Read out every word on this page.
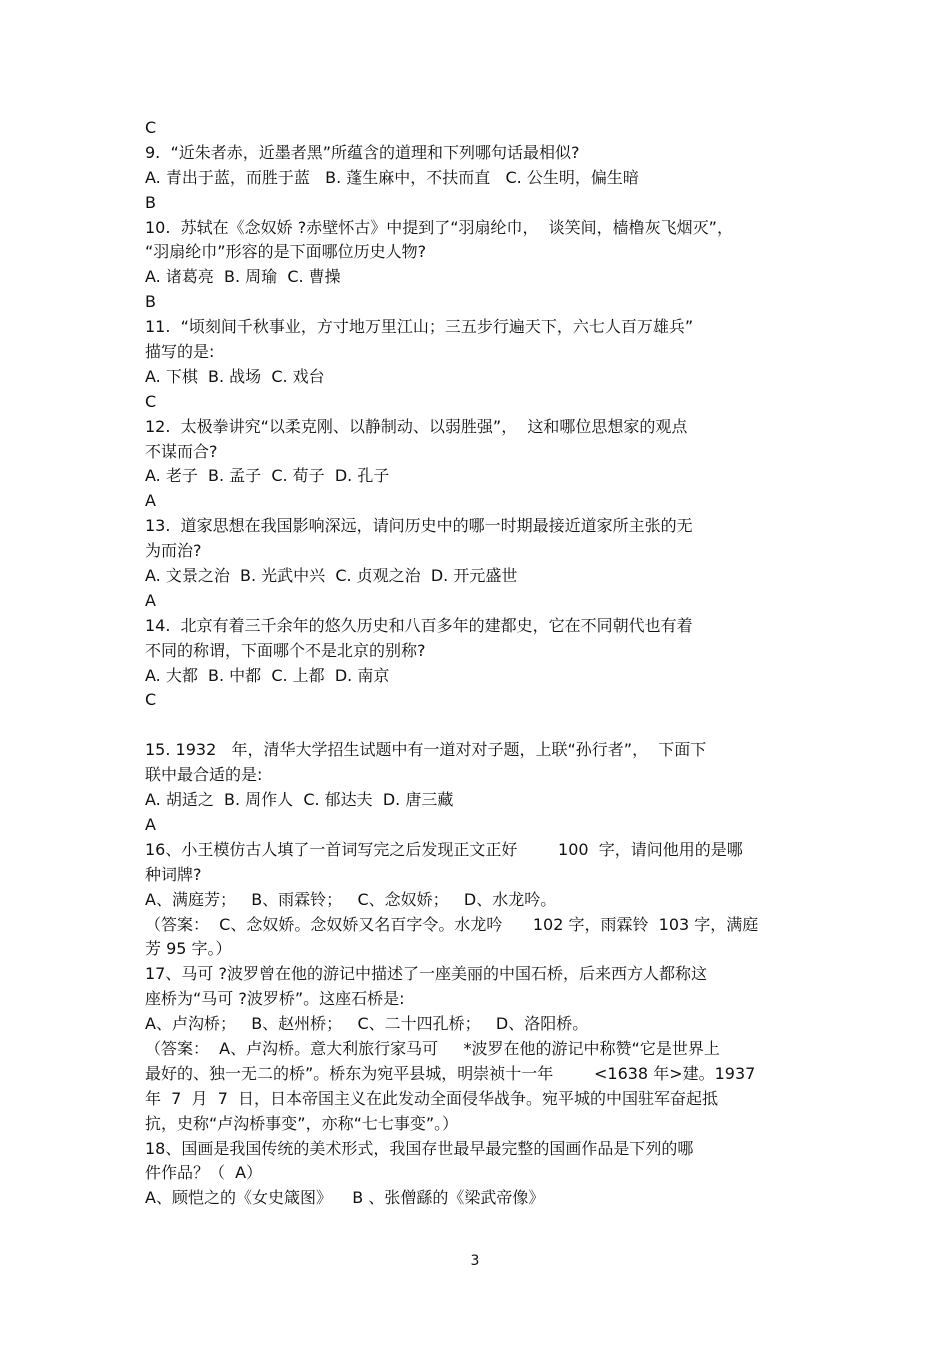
C
9.  “近朱者赤，近墨者黑”所蕴含的道理和下列哪句话最相似?
A. 青出于蓝，而胜于蓝   B. 蓬生麻中，不扶而直   C. 公生明，偏生暗
B
10.  苏轼在《念奴娇 ?赤壁怀古》中提到了“羽扇纶巾，  谈笑间，樯橹灰飞烟灭”，
“羽扇纶巾”形容的是下面哪位历史人物?
A. 诸葛亮  B. 周瑜  C. 曹操
B
11.  “顷刻间千秋事业，方寸地万里江山；三五步行遍天下，六七人百万雄兵”
描写的是:
A. 下棋  B. 战场  C. 戏台
C
12.  太极拳讲究“以柔克刚、以静制动、以弱胜强”，  这和哪位思想家的观点
不谋而合?
A. 老子  B. 孟子  C. 荀子  D. 孔子
A
13.  道家思想在我国影响深远，请问历史中的哪一时期最接近道家所主张的无
为而治?
A. 文景之治  B. 光武中兴  C. 贞观之治  D. 开元盛世
A
14.  北京有着三千余年的悠久历史和八百多年的建都史，它在不同朝代也有着
不同的称谓，下面哪个不是北京的别称?
A. 大都  B. 中都  C. 上都  D. 南京
C
15. 1932   年，清华大学招生试题中有一道对对子题，上联“孙行者”，  下面下
联中最合适的是:
A. 胡适之  B. 周作人  C. 郁达夫  D. 唐三藏
A
16、小王模仿古人填了一首词写完之后发现正文正好        100  字，请问他用的是哪
种词牌?
A、满庭芳；   B、雨霖铃；   C、念奴娇；   D、水龙吟。
（答案：  C、念奴娇。念奴娇又名百字令。水龙吟      102 字，雨霖铃  103 字，满庭
芳 95 字。）
17、马可 ?波罗曾在他的游记中描述了一座美丽的中国石桥，后来西方人都称这
座桥为“马可 ?波罗桥”。这座石桥是:
A、卢沟桥；   B、赵州桥；   C、二十四孔桥；   D、洛阳桥。
（答案：  A、卢沟桥。意大利旅行家马可     *波罗在他的游记中称赞“它是世界上
最好的、独一无二的桥”。桥东为宛平县城，明崇祯十一年        <1638 年>建。1937
年  7  月  7  日，日本帝国主义在此发动全面侵华战争。宛平城的中国驻军奋起抵
抗，史称“卢沟桥事变”，亦称“七七事变”。）
18、国画是我国传统的美术形式，我国存世最早最完整的国画作品是下列的哪
件作品？（  A）
A、顾恺之的《女史箴图》    B 、张僧繇的《梁武帝像》
3
